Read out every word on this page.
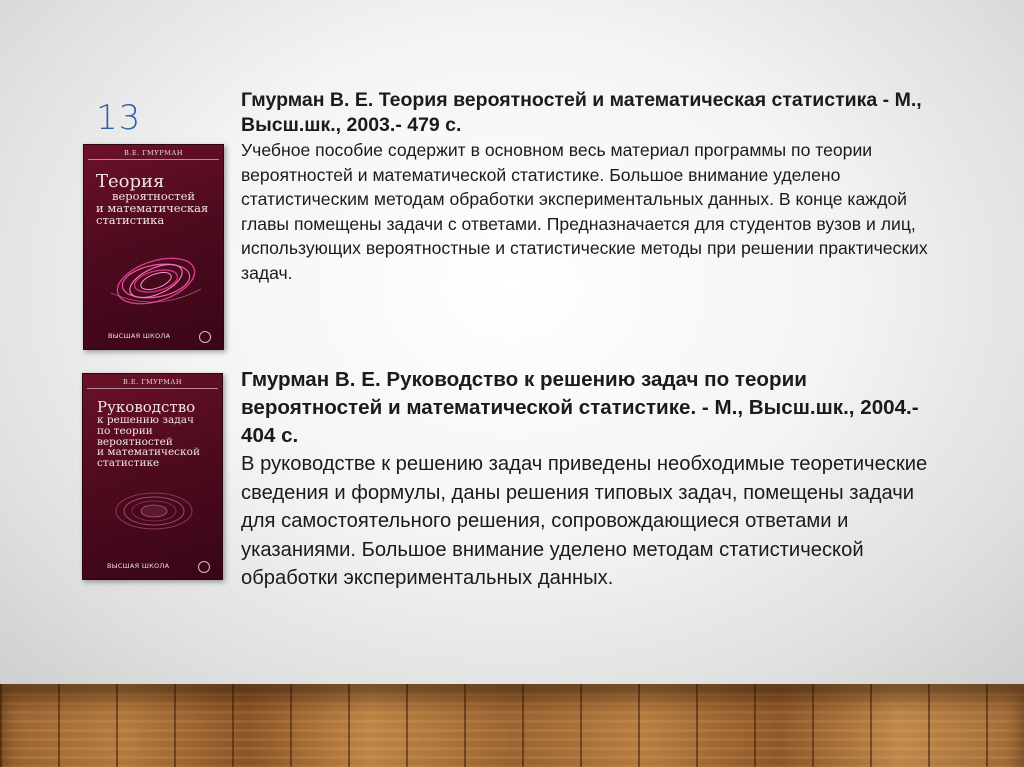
13
В.Е. ГМУРМАН
Теория
вероятностей
и математическая
статистика
ВЫСШАЯ ШКОЛА
В.Е. ГМУРМАН
Руководство
к решению задач
по теории
вероятностей
и математической
статистике
ВЫСШАЯ ШКОЛА

Гмурман В. Е. Теория вероятностей и математическая статистика - М., Высш.шк., 2003.- 479 с.

Учебное пособие содержит в основном весь материал программы по теории вероятностей и математической статистике. Большое внимание уделено статистическим методам обработки экспериментальных данных. В конце каждой главы помещены задачи с ответами. Предназначается для студентов вузов и лиц, использующих вероятностные и статистические методы при решении практических задач.

Гмурман В. Е. Руководство к решению задач по теории вероятностей и математической статистике. - М., Высш.шк., 2004.- 404 с.

В руководстве к решению задач приведены необходимые теоретические сведения и формулы, даны решения типовых задач, помещены задачи для самостоятельного решения, сопровождающиеся ответами и указаниями. Большое внимание уделено методам статистической обработки экспериментальных данных.
